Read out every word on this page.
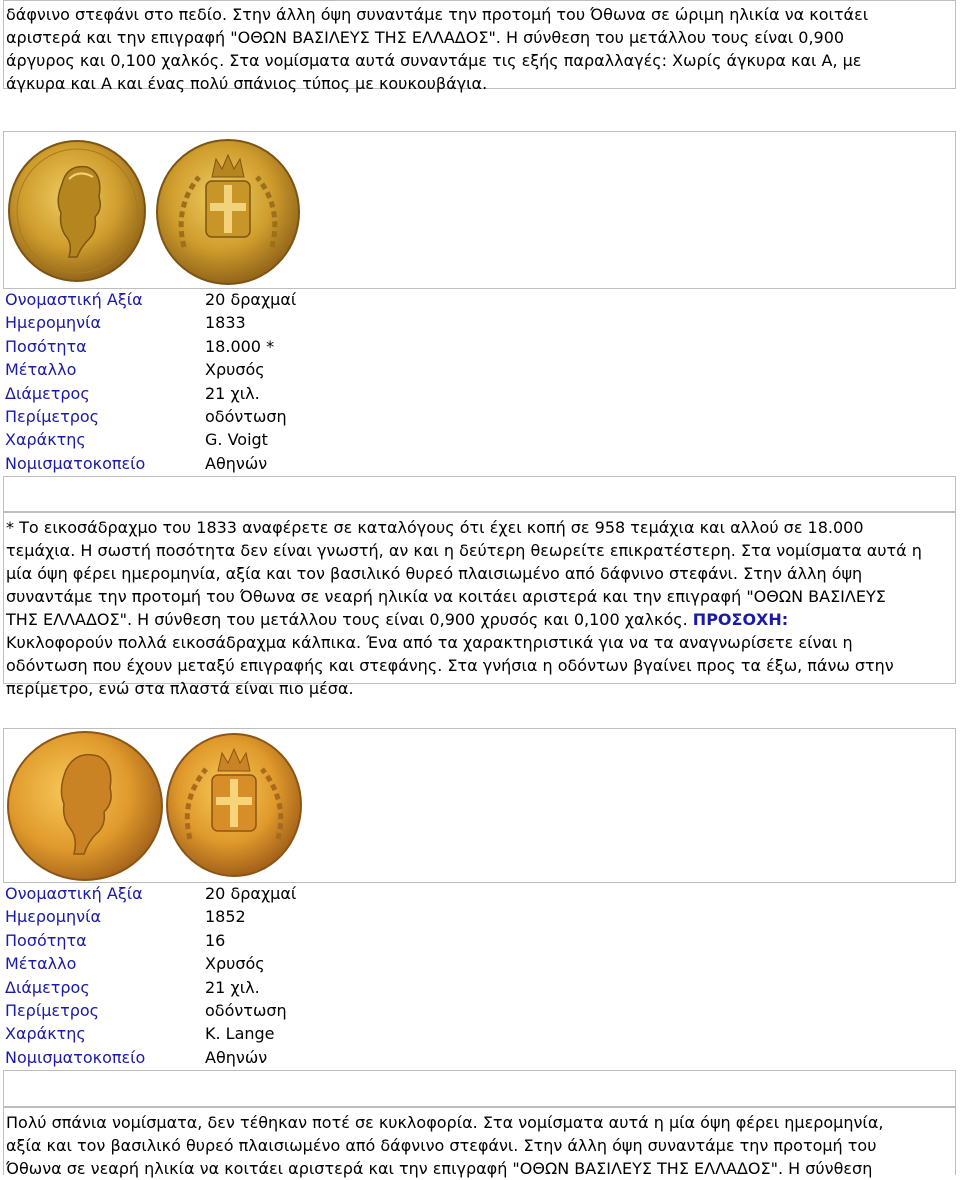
δάφνινο στεφάνι στο πεδίο. Στην άλλη όψη συναντάμε την προτομή του Όθωνα σε ώριμη ηλικία να κοιτάει

αριστερά και την επιγραφή "ΟΘΩΝ ΒΑΣΙΛΕΥΣ ΤΗΣ ΕΛΛΑΔΟΣ". Η σύνθεση του μετάλλου τους είναι 0,900

άργυρος και 0,100 χαλκός. Στα νομίσματα αυτά συναντάμε τις εξής παραλλαγές: Χωρίς άγκυρα και Α, με

άγκυρα και Α και ένας πολύ σπάνιος τύπος με κουκουβάγια.

Ονομαστική Αξία	20 δραχμαί
Ημερομηνία	1833
Ποσότητα	18.000 *
Μέταλλο	Χρυσός
Διάμετρος	21 χιλ.
Περίμετρος	οδόντωση
Χαράκτης	G. Voigt
Νομισματοκοπείο	Αθηνών

* Το εικοσάδραχμο του 1833 αναφέρετε σε καταλόγους ότι έχει κοπή σε 958 τεμάχια και αλλού σε 18.000

τεμάχια. Η σωστή ποσότητα δεν είναι γνωστή, αν και η δεύτερη θεωρείτε επικρατέστερη. Στα νομίσματα αυτά η

μία όψη φέρει ημερομηνία, αξία και τον βασιλικό θυρεό πλαισιωμένο από δάφνινο στεφάνι. Στην άλλη όψη

συναντάμε την προτομή του Όθωνα σε νεαρή ηλικία να κοιτάει αριστερά και την επιγραφή "ΟΘΩΝ ΒΑΣΙΛΕΥΣ

ΤΗΣ ΕΛΛΑΔΟΣ". Η σύνθεση του μετάλλου τους είναι 0,900 χρυσός και 0,100 χαλκός. ΠΡΟΣΟΧΗ:

Κυκλοφορούν πολλά εικοσάδραχμα κάλπικα. Ένα από τα χαρακτηριστικά για να τα αναγνωρίσετε είναι η

οδόντωση που έχουν μεταξύ επιγραφής και στεφάνης. Στα γνήσια η οδόντων βγαίνει προς τα έξω, πάνω στην

περίμετρο, ενώ στα πλαστά είναι πιο μέσα.

Ονομαστική Αξία	20 δραχμαί
Ημερομηνία	1852
Ποσότητα	16
Μέταλλο	Χρυσός
Διάμετρος	21 χιλ.
Περίμετρος	οδόντωση
Χαράκτης	K. Lange
Νομισματοκοπείο	Αθηνών

Πολύ σπάνια νομίσματα, δεν τέθηκαν ποτέ σε κυκλοφορία. Στα νομίσματα αυτά η μία όψη φέρει ημερομηνία,

αξία και τον βασιλικό θυρεό πλαισιωμένο από δάφνινο στεφάνι. Στην άλλη όψη συναντάμε την προτομή του

Όθωνα σε νεαρή ηλικία να κοιτάει αριστερά και την επιγραφή "ΟΘΩΝ ΒΑΣΙΛΕΥΣ ΤΗΣ ΕΛΛΑΔΟΣ". Η σύνθεση
